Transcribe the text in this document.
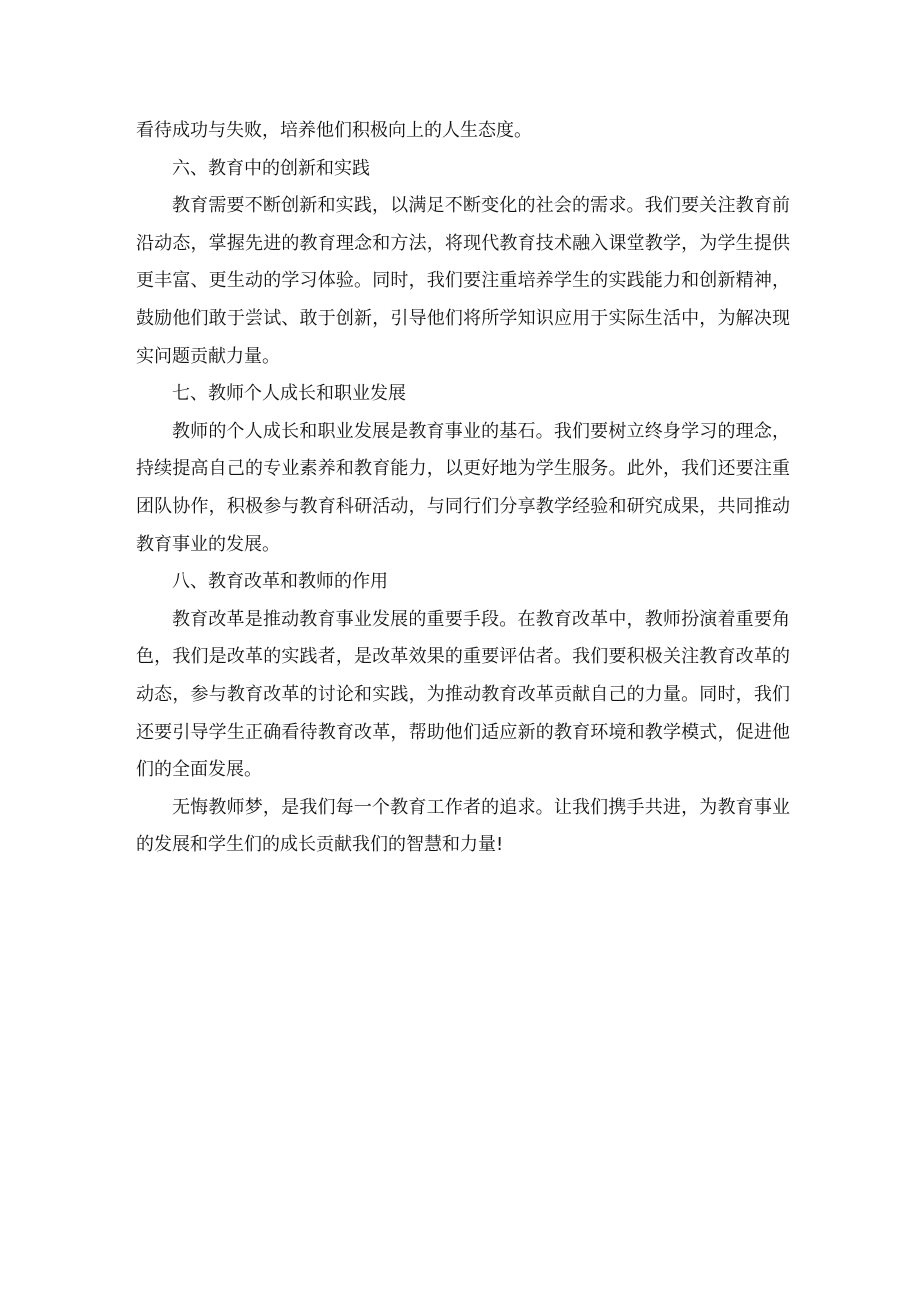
看待成功与失败，培养他们积极向上的人生态度。

六、教育中的创新和实践

教育需要不断创新和实践，以满足不断变化的社会的需求。我们要关注教育前沿动态，掌握先进的教育理念和方法，将现代教育技术融入课堂教学，为学生提供更丰富、更生动的学习体验。同时，我们要注重培养学生的实践能力和创新精神，鼓励他们敢于尝试、敢于创新，引导他们将所学知识应用于实际生活中，为解决现实问题贡献力量。

七、教师个人成长和职业发展

教师的个人成长和职业发展是教育事业的基石。我们要树立终身学习的理念，持续提高自己的专业素养和教育能力，以更好地为学生服务。此外，我们还要注重团队协作，积极参与教育科研活动，与同行们分享教学经验和研究成果，共同推动教育事业的发展。

八、教育改革和教师的作用

教育改革是推动教育事业发展的重要手段。在教育改革中，教师扮演着重要角色，我们是改革的实践者，是改革效果的重要评估者。我们要积极关注教育改革的动态，参与教育改革的讨论和实践，为推动教育改革贡献自己的力量。同时，我们还要引导学生正确看待教育改革，帮助他们适应新的教育环境和教学模式，促进他们的全面发展。

无悔教师梦，是我们每一个教育工作者的追求。让我们携手共进，为教育事业的发展和学生们的成长贡献我们的智慧和力量!
